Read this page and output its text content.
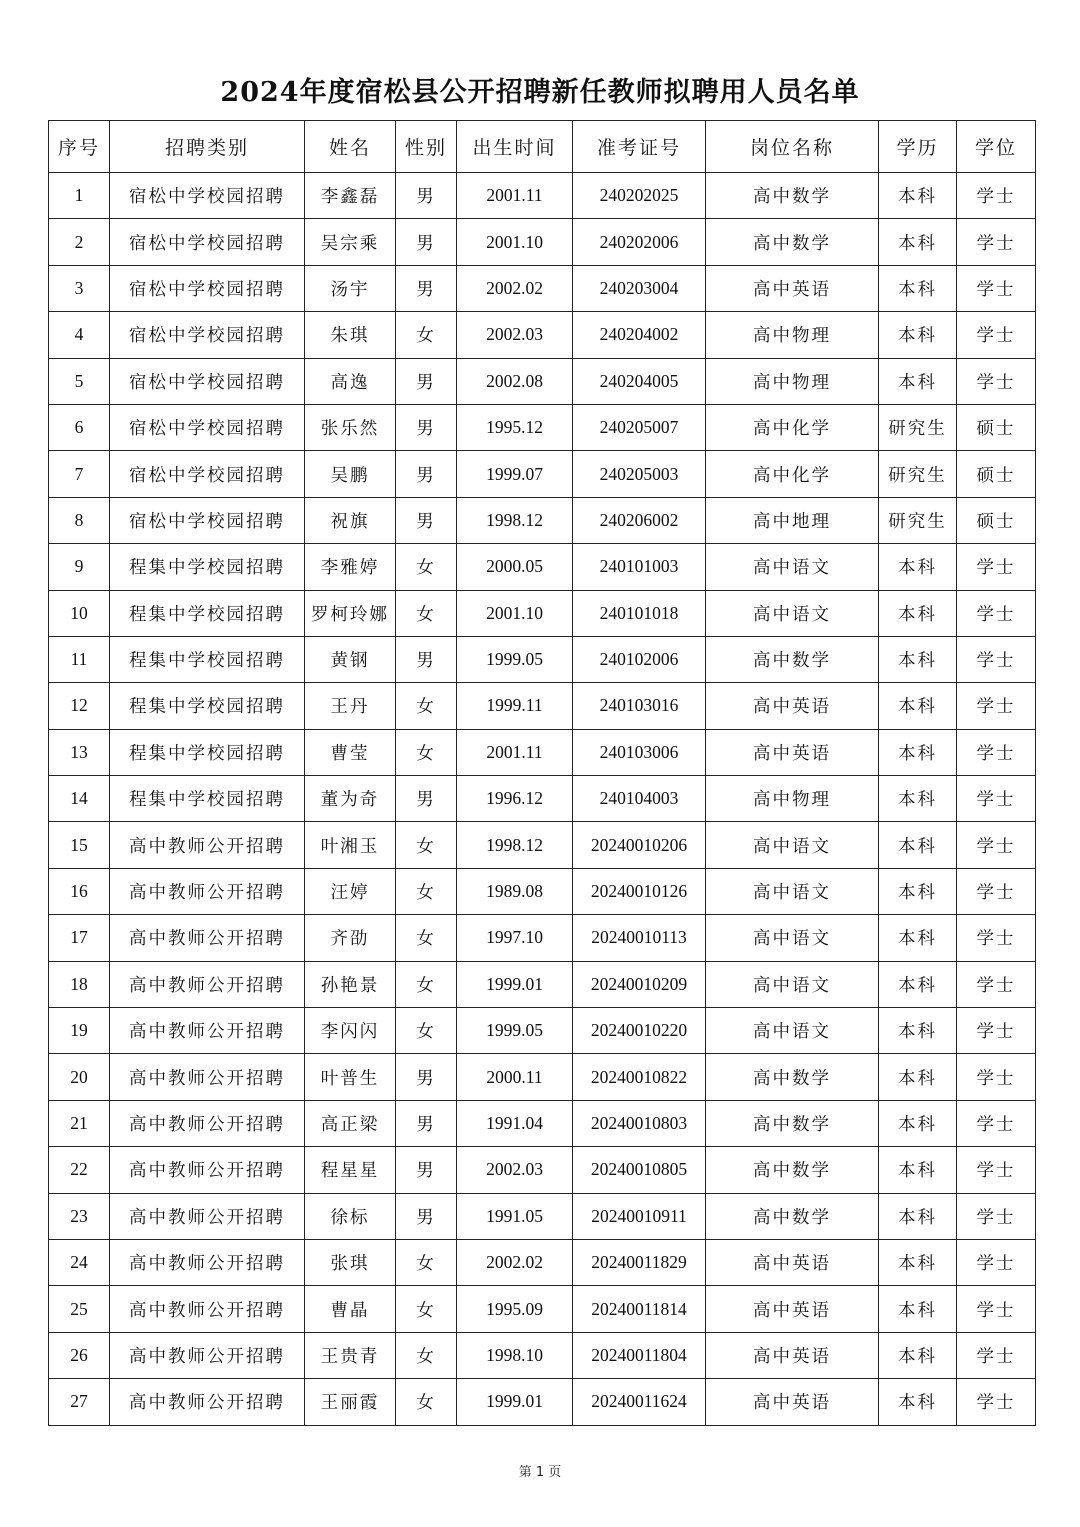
2024年度宿松县公开招聘新任教师拟聘用人员名单
序号	招聘类别	姓名	性别	出生时间	准考证号	岗位名称	学历	学位
1	宿松中学校园招聘	李鑫磊	男	2001.11	240202025	高中数学	本科	学士
2	宿松中学校园招聘	吴宗乘	男	2001.10	240202006	高中数学	本科	学士
3	宿松中学校园招聘	汤宇	男	2002.02	240203004	高中英语	本科	学士
4	宿松中学校园招聘	朱琪	女	2002.03	240204002	高中物理	本科	学士
5	宿松中学校园招聘	高逸	男	2002.08	240204005	高中物理	本科	学士
6	宿松中学校园招聘	张乐然	男	1995.12	240205007	高中化学	研究生	硕士
7	宿松中学校园招聘	吴鹏	男	1999.07	240205003	高中化学	研究生	硕士
8	宿松中学校园招聘	祝旗	男	1998.12	240206002	高中地理	研究生	硕士
9	程集中学校园招聘	李雅婷	女	2000.05	240101003	高中语文	本科	学士
10	程集中学校园招聘	罗柯玲娜	女	2001.10	240101018	高中语文	本科	学士
11	程集中学校园招聘	黄钢	男	1999.05	240102006	高中数学	本科	学士
12	程集中学校园招聘	王丹	女	1999.11	240103016	高中英语	本科	学士
13	程集中学校园招聘	曹莹	女	2001.11	240103006	高中英语	本科	学士
14	程集中学校园招聘	董为奇	男	1996.12	240104003	高中物理	本科	学士
15	高中教师公开招聘	叶湘玉	女	1998.12	20240010206	高中语文	本科	学士
16	高中教师公开招聘	汪婷	女	1989.08	20240010126	高中语文	本科	学士
17	高中教师公开招聘	齐劭	女	1997.10	20240010113	高中语文	本科	学士
18	高中教师公开招聘	孙艳景	女	1999.01	20240010209	高中语文	本科	学士
19	高中教师公开招聘	李闪闪	女	1999.05	20240010220	高中语文	本科	学士
20	高中教师公开招聘	叶普生	男	2000.11	20240010822	高中数学	本科	学士
21	高中教师公开招聘	高正梁	男	1991.04	20240010803	高中数学	本科	学士
22	高中教师公开招聘	程星星	男	2002.03	20240010805	高中数学	本科	学士
23	高中教师公开招聘	徐标	男	1991.05	20240010911	高中数学	本科	学士
24	高中教师公开招聘	张琪	女	2002.02	20240011829	高中英语	本科	学士
25	高中教师公开招聘	曹晶	女	1995.09	20240011814	高中英语	本科	学士
26	高中教师公开招聘	王贵青	女	1998.10	20240011804	高中英语	本科	学士
27	高中教师公开招聘	王丽霞	女	1999.01	20240011624	高中英语	本科	学士
第 1 页
